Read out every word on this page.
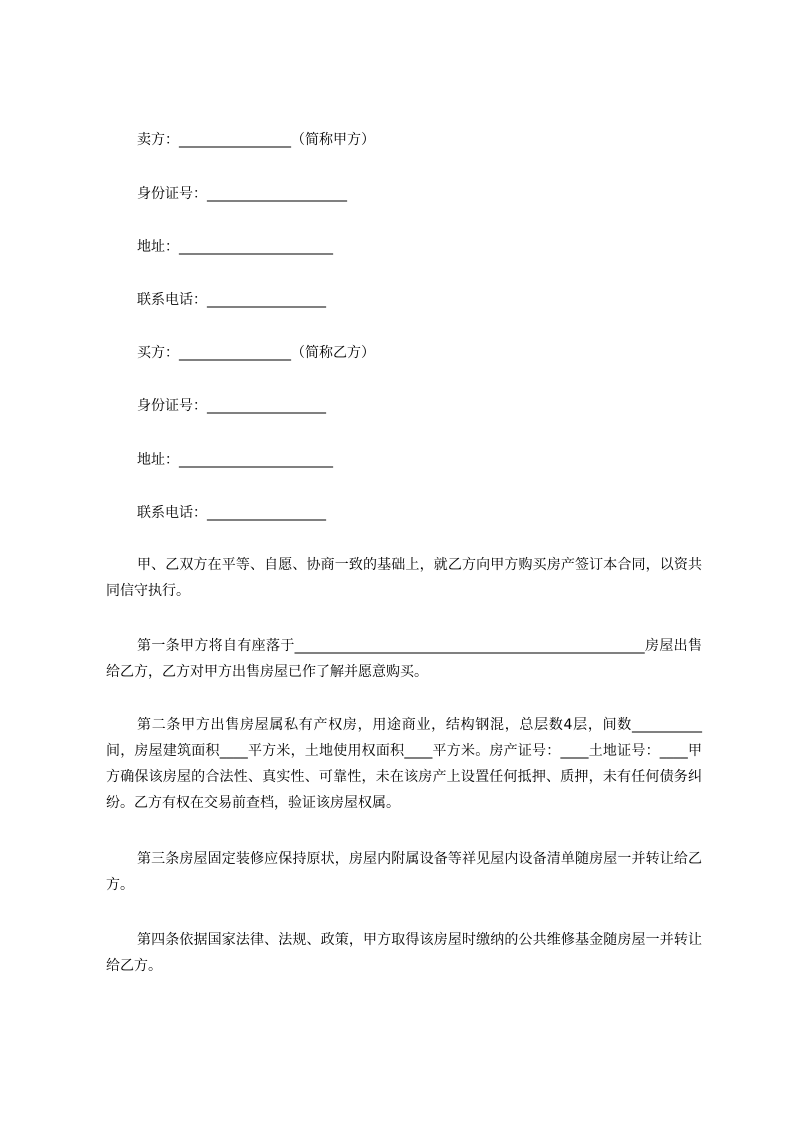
卖方：________________（简称甲方）
身份证号：____________________
地址：______________________
联系电话：_________________
买方：________________（简称乙方）
身份证号：_________________
地址：______________________
联系电话：_________________

甲、乙双方在平等、自愿、协商一致的基础上，就乙方向甲方购买房产签订本合同，以资共同信守执行。

第一条甲方将自有座落于__________________________________________________房屋出售给乙方，乙方对甲方出售房屋已作了解并愿意购买。

第二条甲方出售房屋属私有产权房，用途商业，结构钢混，总层数4层，间数__________间，房屋建筑面积____平方米，土地使用权面积____平方米。房产证号：____土地证号：____甲方确保该房屋的合法性、真实性、可靠性，未在该房产上设置任何抵押、质押，未有任何债务纠纷。乙方有权在交易前查档，验证该房屋权属。

第三条房屋固定装修应保持原状，房屋内附属设备等祥见屋内设备清单随房屋一并转让给乙方。

第四条依据国家法律、法规、政策，甲方取得该房屋时缴纳的公共维修基金随房屋一并转让给乙方。
